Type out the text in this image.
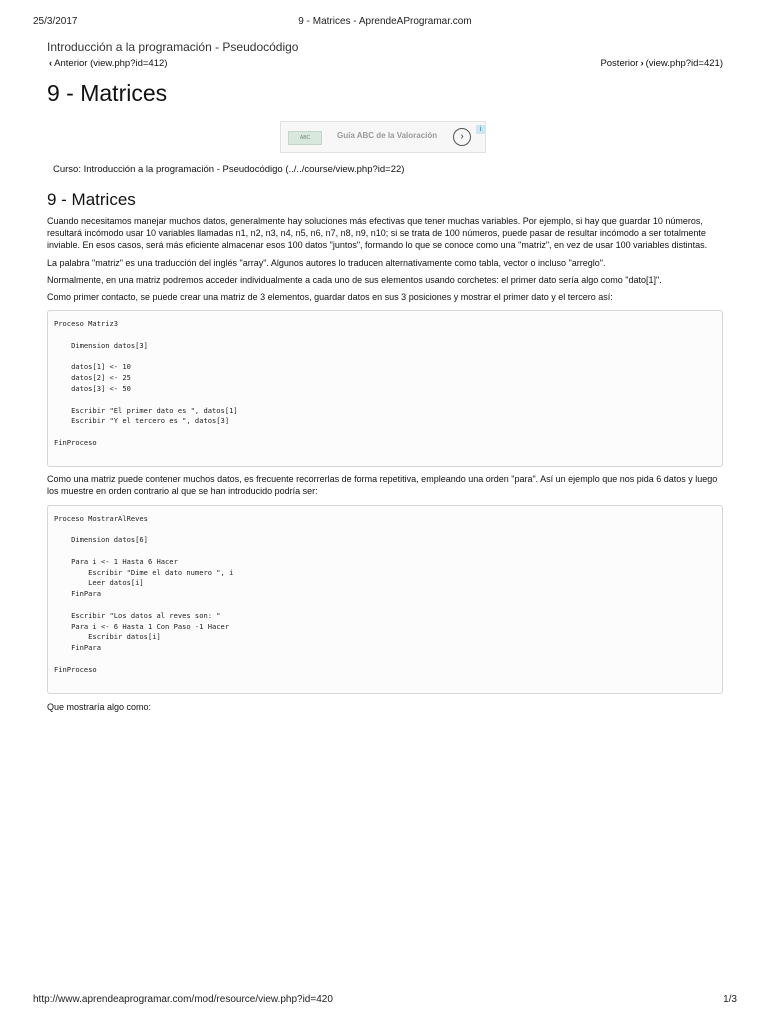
25/3/2017	9 - Matrices - AprendeAProgramar.com
Introducción a la programación - Pseudocódigo
‹ Anterior (view.php?id=412)	Posterior › (view.php?id=421)
9 - Matrices
ABC	Guía ABC de la Valoración	›
i
Curso: Introducción a la programación - Pseudocódigo (../../course/view.php?id=22)
9 - Matrices

Cuando necesitamos manejar muchos datos, generalmente hay soluciones más efectivas que tener muchas variables. Por ejemplo, si hay que guardar 10 números, resultará incómodo usar 10 variables llamadas n1, n2, n3, n4, n5, n6, n7, n8, n9, n10; si se trata de 100 números, puede pasar de resultar incómodo a ser totalmente inviable. En esos casos, será más eficiente almacenar esos 100 datos "juntos", formando lo que se conoce como una "matriz", en vez de usar 100 variables distintas.

La palabra "matriz" es una traducción del inglés "array". Algunos autores lo traducen alternativamente como tabla, vector o incluso "arreglo".

Normalmente, en una matriz podremos acceder individualmente a cada uno de sus elementos usando corchetes: el primer dato sería algo como "dato[1]".

Como primer contacto, se puede crear una matriz de 3 elementos, guardar datos en sus 3 posiciones y mostrar el primer dato y el tercero así:

Proceso Matriz3

Dimension datos[3]

datos[1] <- 10
datos[2] <- 25
datos[3] <- 50

Escribir "El primer dato es ", datos[1]
Escribir "Y el tercero es ", datos[3]

FinProceso

Como una matriz puede contener muchos datos, es frecuente recorrerlas de forma repetitiva, empleando una orden "para". Así un ejemplo que nos pida 6 datos y luego los muestre en orden contrario al que se han introducido podría ser:

Proceso MostrarAlReves

Dimension datos[6]

Para i <- 1 Hasta 6 Hacer
Escribir "Dime el dato numero ", i
Leer datos[i]
FinPara

Escribir "Los datos al reves son: "
Para i <- 6 Hasta 1 Con Paso -1 Hacer
Escribir datos[i]
FinPara

FinProceso

Que mostraría algo como:

http://www.aprendeaprogramar.com/mod/resource/view.php?id=420	1/3
